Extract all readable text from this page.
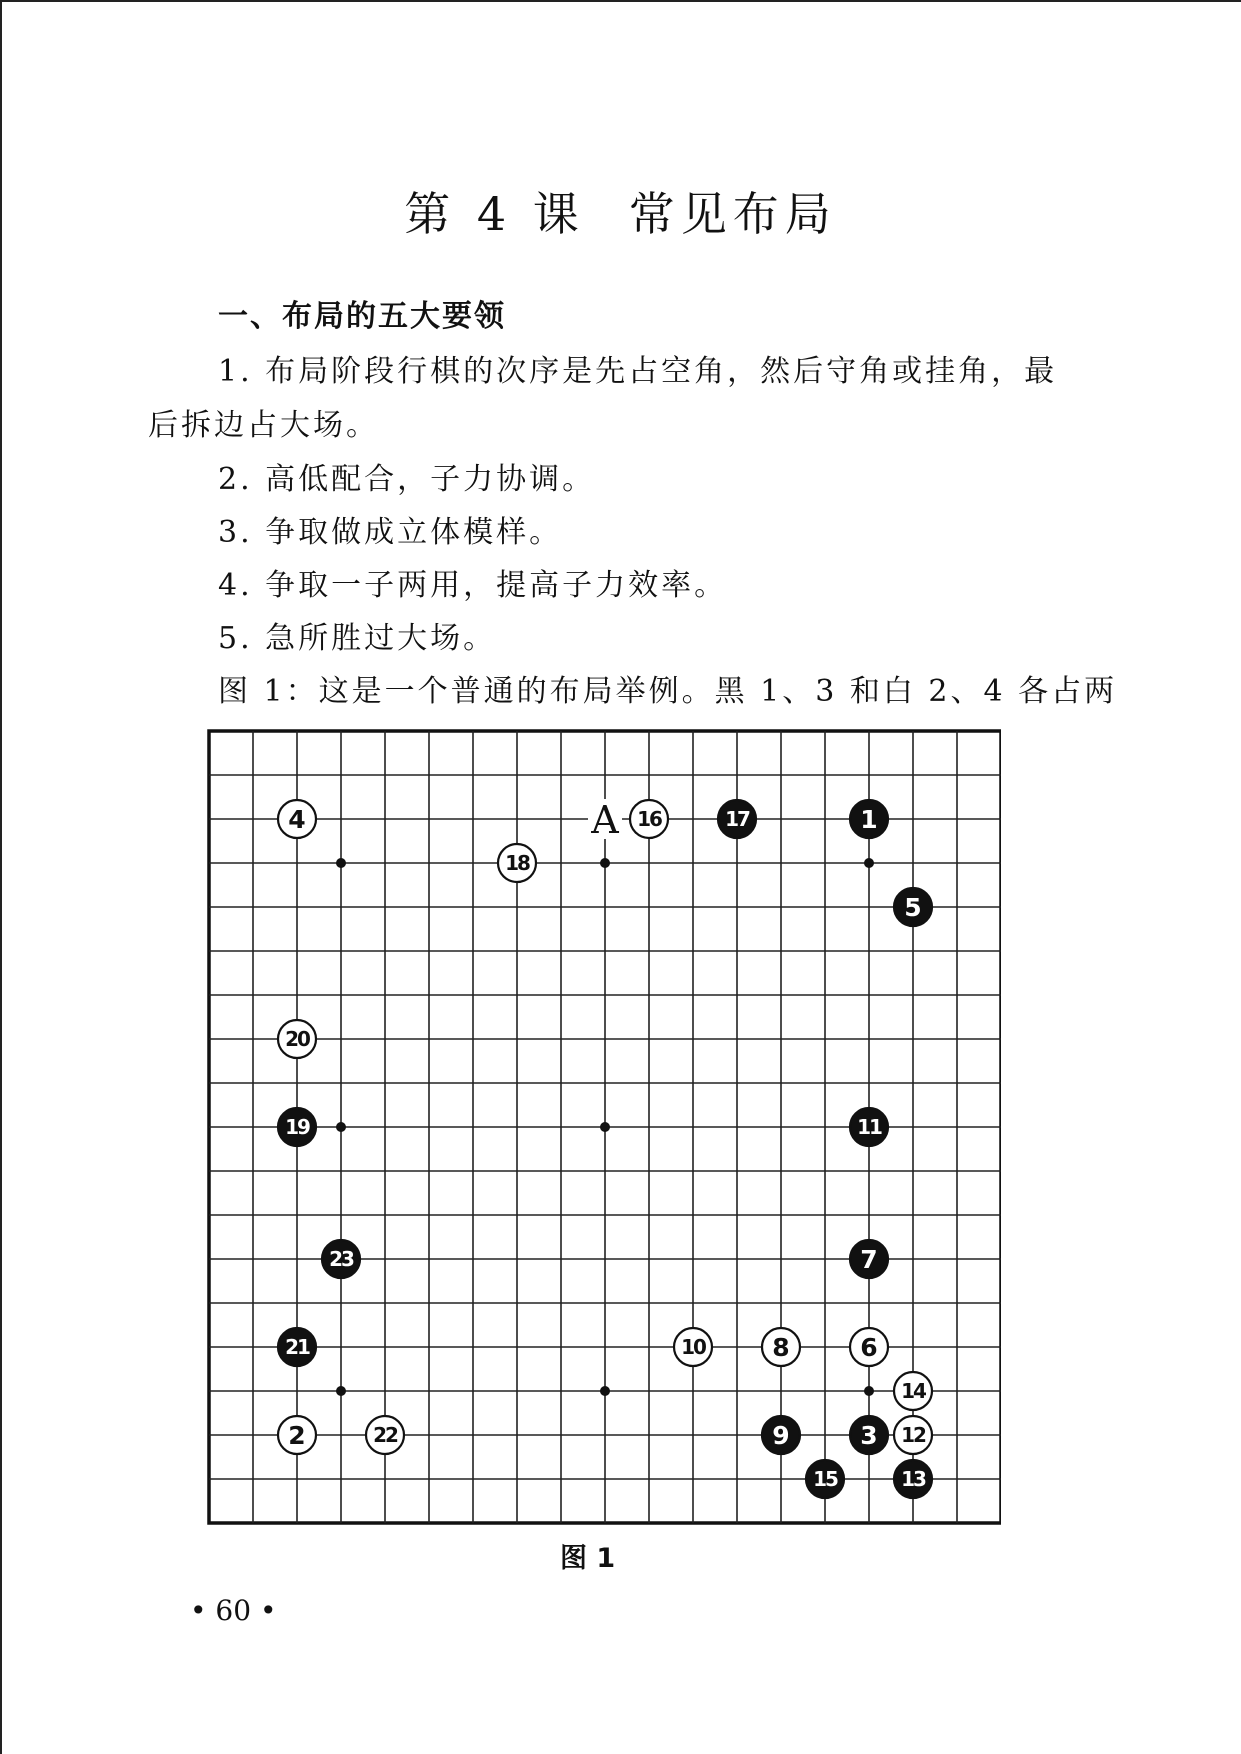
第 4 课 常见布局
一、布局的五大要领
1. 布局阶段行棋的次序是先占空角，然后守角或挂角，最
后拆边占大场。
2. 高低配合，子力协调。
3. 争取做成立体模样。
4. 争取一子两用，提高子力效率。
5. 急所胜过大场。
图 1：这是一个普通的布局举例。黑 1、3 和白 2、4 各占两
A	1
2	3
4
5
6
7
8
9
10
11
12
13
14
15
16	17
18
19
20
21
22
23
图 1
• 60 •
